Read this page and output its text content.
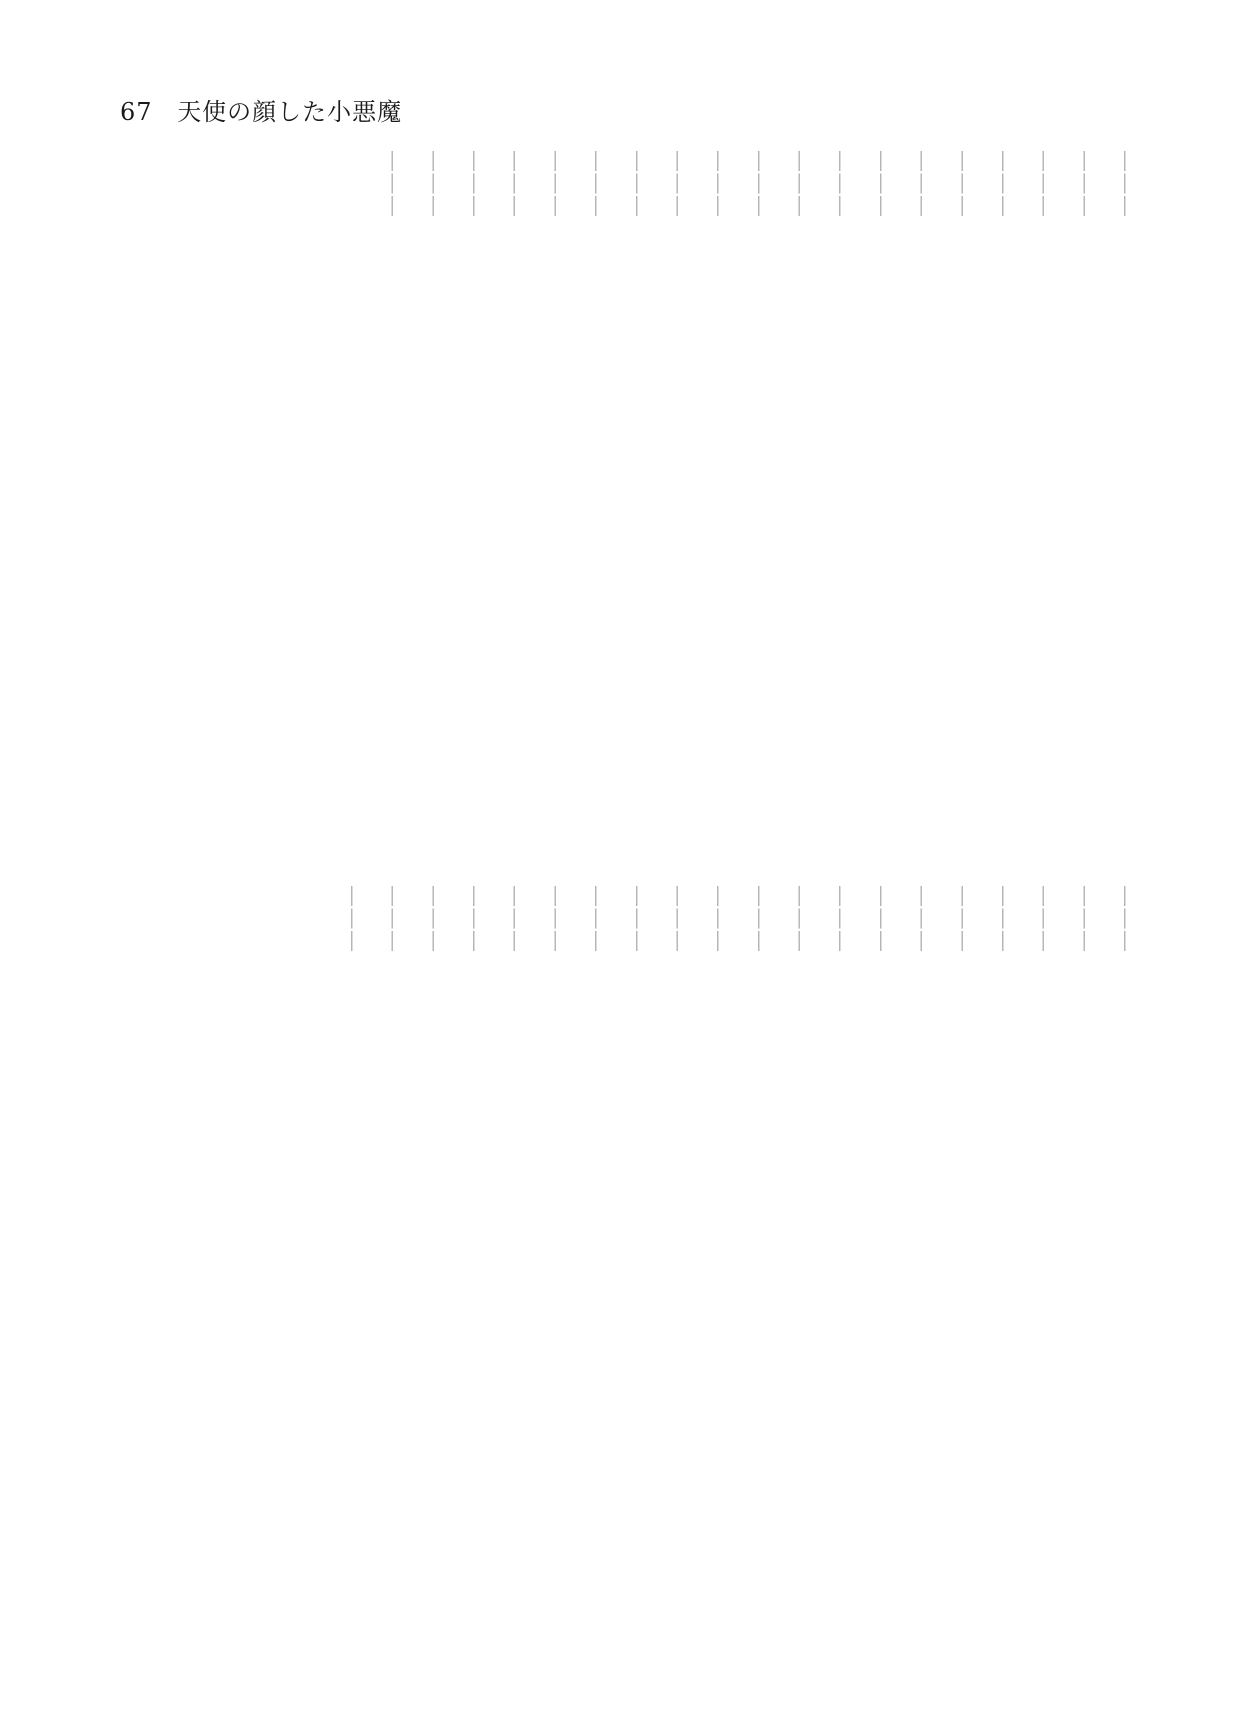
67 天使の顔した小悪魔
———
———
———
———
———
———
———
———
———
———
———
———
———
———
———
———
———
———
———
———
———
———
———
———
———
———
———
———
———
———
———
———
———
———
———
———
———
———
———
